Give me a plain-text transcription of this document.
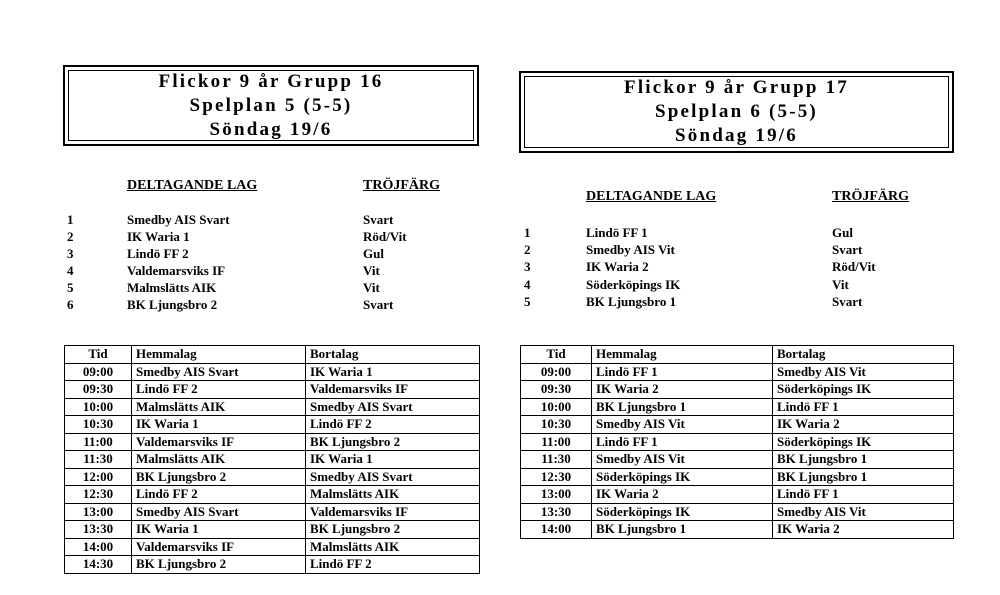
Flickor 9 år Grupp 16
Spelplan 5 (5-5)
Söndag 19/6
DELTAGANDE LAG	TRÖJFÄRG
1	Smedby AIS Svart	Svart
2	IK Waria 1	Röd/Vit
3	Lindö FF 2	Gul
4	Valdemarsviks IF	Vit
5	Malmslätts AIK	Vit
6	BK Ljungsbro 2	Svart
Tid	Hemmalag	Bortalag
09:00	Smedby AIS Svart	IK Waria 1
09:30	Lindö FF 2	Valdemarsviks IF
10:00	Malmslätts AIK	Smedby AIS Svart
10:30	IK Waria 1	Lindö FF 2
11:00	Valdemarsviks IF	BK Ljungsbro 2
11:30	Malmslätts AIK	IK Waria 1
12:00	BK Ljungsbro 2	Smedby AIS Svart
12:30	Lindö FF 2	Malmslätts AIK
13:00	Smedby AIS Svart	Valdemarsviks IF
13:30	IK Waria 1	BK Ljungsbro 2
14:00	Valdemarsviks IF	Malmslätts AIK
14:30	BK Ljungsbro 2	Lindö FF 2
Flickor 9 år Grupp 17
Spelplan 6 (5-5)
Söndag 19/6
DELTAGANDE LAG	TRÖJFÄRG
1	Lindö FF 1	Gul
2	Smedby AIS Vit	Svart
3	IK Waria 2	Röd/Vit
4	Söderköpings IK	Vit
5	BK Ljungsbro 1	Svart
Tid	Hemmalag	Bortalag
09:00	Lindö FF 1	Smedby AIS Vit
09:30	IK Waria 2	Söderköpings IK
10:00	BK Ljungsbro 1	Lindö FF 1
10:30	Smedby AIS Vit	IK Waria 2
11:00	Lindö FF 1	Söderköpings IK
11:30	Smedby AIS Vit	BK Ljungsbro 1
12:30	Söderköpings IK	BK Ljungsbro 1
13:00	IK Waria 2	Lindö FF 1
13:30	Söderköpings IK	Smedby AIS Vit
14:00	BK Ljungsbro 1	IK Waria 2
